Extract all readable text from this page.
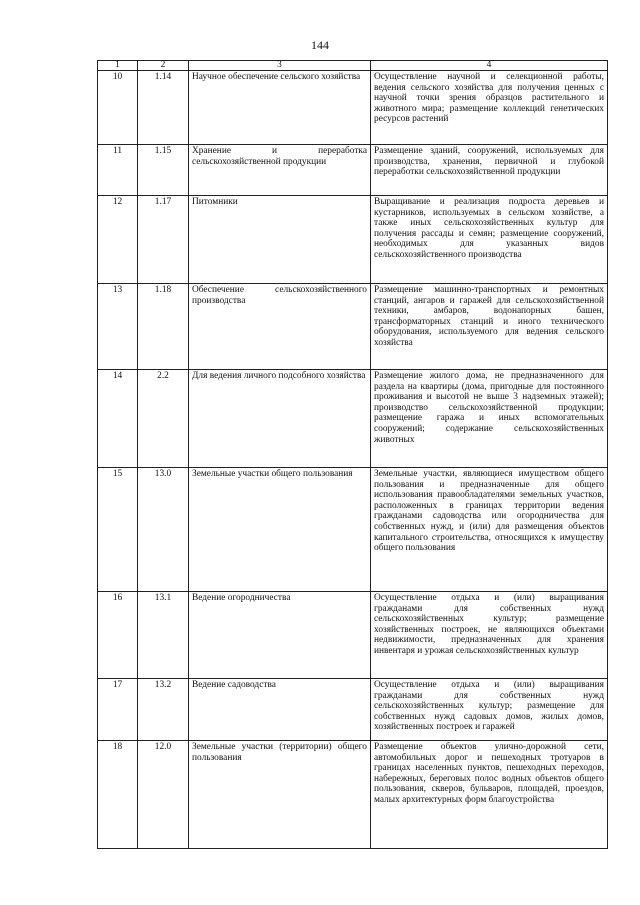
144
1	2	3	4
10	1.14	Научное обеспечение сельского хозяйства	Осуществление научной и селекционной работы, ведения сельского хозяйства для получения ценных с научной точки зрения образцов растительного и животного мира; размещение коллекций генетических ресурсов растений
11	1.15	Хранение и переработка сельскохозяйственной продукции	Размещение зданий, сооружений, используемых для производства, хранения, первичной и глубокой переработки сельскохозяйственной продукции
12	1.17	Питомники	Выращивание и реализация подроста деревьев и кустарников, используемых в сельском хозяйстве, а также иных сельскохозяйственных культур для получения рассады и семян; размещение сооружений, необходимых для указанных видов сельскохозяйственного производства
13	1.18	Обеспечение сельскохозяйственного производства	Размещение машинно-транспортных и ремонтных станций, ангаров и гаражей для сельскохозяйственной техники, амбаров, водонапорных башен, трансформаторных станций и иного технического оборудования, используемого для ведения сельского хозяйства
14	2.2	Для ведения личного подсобного хозяйства	Размещение жилого дома, не предназначенного для раздела на квартиры (дома, пригодные для постоянного проживания и высотой не выше 3 надземных этажей); производство сельскохозяйственной продукции; размещение гаража и иных вспомогательных сооружений; содержание сельскохозяйственных животных
15	13.0	Земельные участки общего пользования	Земельные участки, являющиеся имуществом общего пользования и предназначенные для общего использования правообладателями земельных участков, расположенных в границах территории ведения гражданами садоводства или огородничества для собственных нужд, и (или) для размещения объектов капитального строительства, относящихся к имуществу общего пользования
16	13.1	Ведение огородничества	Осуществление отдыха и (или) выращивания гражданами для собственных нужд сельскохозяйственных культур; размещение хозяйственных построек, не являющихся объектами недвижимости, предназначенных для хранения инвентаря и урожая сельскохозяйственных культур
17	13.2	Ведение садоводства	Осуществление отдыха и (или) выращивания гражданами для собственных нужд сельскохозяйственных культур; размещение для собственных нужд садовых домов, жилых домов, хозяйственных построек и гаражей
18	12.0	Земельные участки (территории) общего пользования	Размещение объектов улично-дорожной сети, автомобильных дорог и пешеходных тротуаров в границах населенных пунктов, пешеходных переходов, набережных, береговых полос водных объектов общего пользования, скверов, бульваров, площадей, проездов, малых архитектурных форм благоустройства
